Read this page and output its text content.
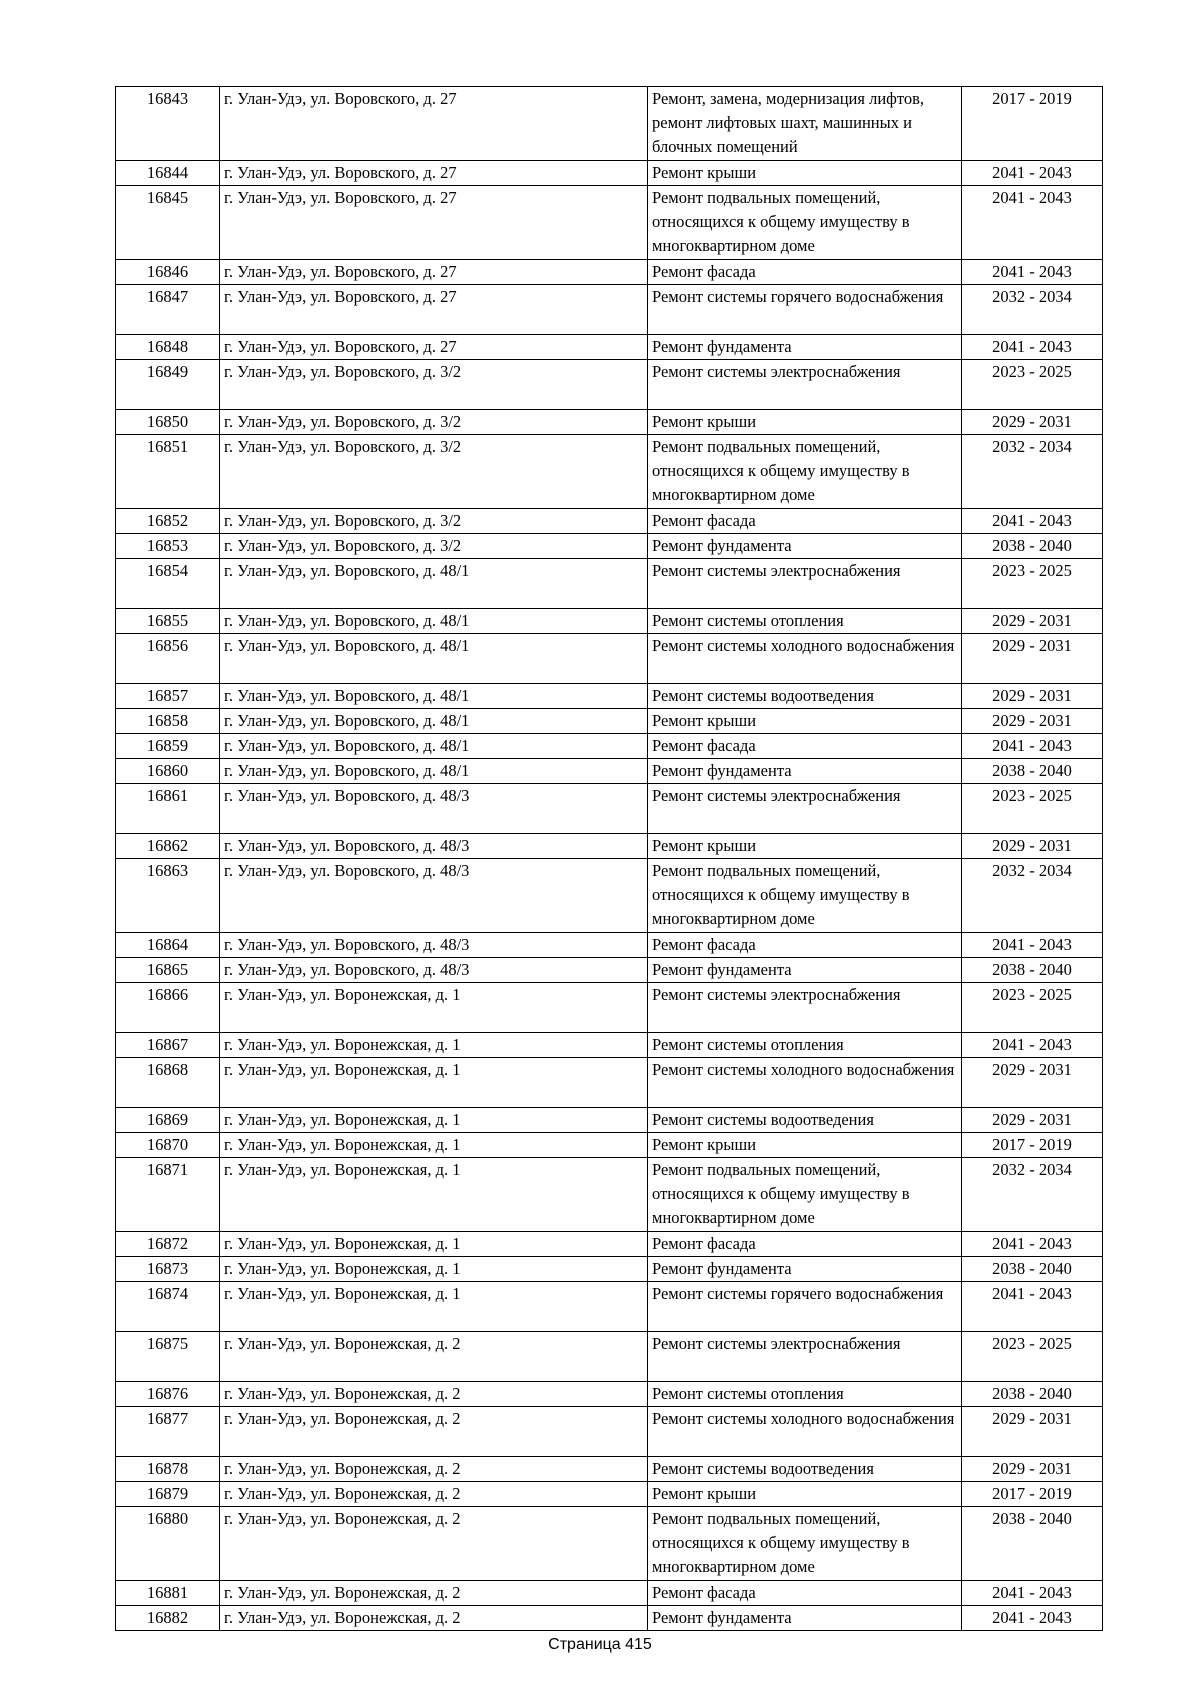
16843	г. Улан-Удэ, ул. Воровского, д. 27	Ремонт, замена, модернизация лифтов, ремонт лифтовых шахт, машинных и блочных помещений	2017 - 2019
16844	г. Улан-Удэ, ул. Воровского, д. 27	Ремонт крыши	2041 - 2043
16845	г. Улан-Удэ, ул. Воровского, д. 27	Ремонт подвальных помещений, относящихся к общему имуществу в многоквартирном доме	2041 - 2043
16846	г. Улан-Удэ, ул. Воровского, д. 27	Ремонт фасада	2041 - 2043
16847	г. Улан-Удэ, ул. Воровского, д. 27	Ремонт системы горячего водоснабжения	2032 - 2034
16848	г. Улан-Удэ, ул. Воровского, д. 27	Ремонт фундамента	2041 - 2043
16849	г. Улан-Удэ, ул. Воровского, д. 3/2	Ремонт системы электроснабжения	2023 - 2025
16850	г. Улан-Удэ, ул. Воровского, д. 3/2	Ремонт крыши	2029 - 2031
16851	г. Улан-Удэ, ул. Воровского, д. 3/2	Ремонт подвальных помещений, относящихся к общему имуществу в многоквартирном доме	2032 - 2034
16852	г. Улан-Удэ, ул. Воровского, д. 3/2	Ремонт фасада	2041 - 2043
16853	г. Улан-Удэ, ул. Воровского, д. 3/2	Ремонт фундамента	2038 - 2040
16854	г. Улан-Удэ, ул. Воровского, д. 48/1	Ремонт системы электроснабжения	2023 - 2025
16855	г. Улан-Удэ, ул. Воровского, д. 48/1	Ремонт системы отопления	2029 - 2031
16856	г. Улан-Удэ, ул. Воровского, д. 48/1	Ремонт системы холодного водоснабжения	2029 - 2031
16857	г. Улан-Удэ, ул. Воровского, д. 48/1	Ремонт системы водоотведения	2029 - 2031
16858	г. Улан-Удэ, ул. Воровского, д. 48/1	Ремонт крыши	2029 - 2031
16859	г. Улан-Удэ, ул. Воровского, д. 48/1	Ремонт фасада	2041 - 2043
16860	г. Улан-Удэ, ул. Воровского, д. 48/1	Ремонт фундамента	2038 - 2040
16861	г. Улан-Удэ, ул. Воровского, д. 48/3	Ремонт системы электроснабжения	2023 - 2025
16862	г. Улан-Удэ, ул. Воровского, д. 48/3	Ремонт крыши	2029 - 2031
16863	г. Улан-Удэ, ул. Воровского, д. 48/3	Ремонт подвальных помещений, относящихся к общему имуществу в многоквартирном доме	2032 - 2034
16864	г. Улан-Удэ, ул. Воровского, д. 48/3	Ремонт фасада	2041 - 2043
16865	г. Улан-Удэ, ул. Воровского, д. 48/3	Ремонт фундамента	2038 - 2040
16866	г. Улан-Удэ, ул. Воронежская, д. 1	Ремонт системы электроснабжения	2023 - 2025
16867	г. Улан-Удэ, ул. Воронежская, д. 1	Ремонт системы отопления	2041 - 2043
16868	г. Улан-Удэ, ул. Воронежская, д. 1	Ремонт системы холодного водоснабжения	2029 - 2031
16869	г. Улан-Удэ, ул. Воронежская, д. 1	Ремонт системы водоотведения	2029 - 2031
16870	г. Улан-Удэ, ул. Воронежская, д. 1	Ремонт крыши	2017 - 2019
16871	г. Улан-Удэ, ул. Воронежская, д. 1	Ремонт подвальных помещений, относящихся к общему имуществу в многоквартирном доме	2032 - 2034
16872	г. Улан-Удэ, ул. Воронежская, д. 1	Ремонт фасада	2041 - 2043
16873	г. Улан-Удэ, ул. Воронежская, д. 1	Ремонт фундамента	2038 - 2040
16874	г. Улан-Удэ, ул. Воронежская, д. 1	Ремонт системы горячего водоснабжения	2041 - 2043
16875	г. Улан-Удэ, ул. Воронежская, д. 2	Ремонт системы электроснабжения	2023 - 2025
16876	г. Улан-Удэ, ул. Воронежская, д. 2	Ремонт системы отопления	2038 - 2040
16877	г. Улан-Удэ, ул. Воронежская, д. 2	Ремонт системы холодного водоснабжения	2029 - 2031
16878	г. Улан-Удэ, ул. Воронежская, д. 2	Ремонт системы водоотведения	2029 - 2031
16879	г. Улан-Удэ, ул. Воронежская, д. 2	Ремонт крыши	2017 - 2019
16880	г. Улан-Удэ, ул. Воронежская, д. 2	Ремонт подвальных помещений, относящихся к общему имуществу в многоквартирном доме	2038 - 2040
16881	г. Улан-Удэ, ул. Воронежская, д. 2	Ремонт фасада	2041 - 2043
16882	г. Улан-Удэ, ул. Воронежская, д. 2	Ремонт фундамента	2041 - 2043
Страница 415
